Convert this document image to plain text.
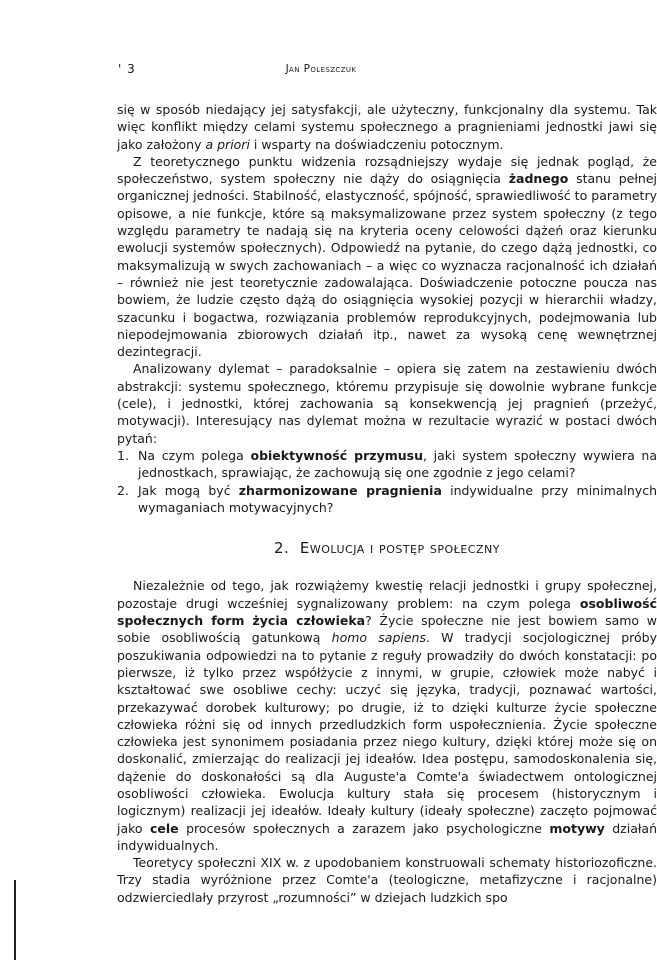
' 3	Jan Poleszczuk

się w sposób niedający jej satysfakcji, ale użyteczny, funkcjonalny dla systemu. Tak więc konflikt między celami systemu społecznego a pragnieniami jednostki jawi się jako założony a priori i wsparty na doświadczeniu potocznym.

Z teoretycznego punktu widzenia rozsądniejszy wydaje się jednak pogląd, że społeczeństwo, system społeczny nie dąży do osiągnięcia żadnego stanu pełnej organicznej jedności. Stabilność, elastyczność, spójność, sprawiedliwość to parametry opisowe, a nie funkcje, które są maksymalizowane przez system społeczny (z tego względu parametry te nadają się na kryteria oceny celowości dążeń oraz kierunku ewolucji systemów społecznych). Odpowiedź na pytanie, do czego dążą jednostki, co maksymalizują w swych zachowaniach – a więc co wyznacza racjonalność ich działań – również nie jest teoretycznie zadowalająca. Doświadczenie potoczne poucza nas bowiem, że ludzie często dążą do osiągnięcia wysokiej pozycji w hierarchii władzy, szacunku i bogactwa, rozwiązania problemów reprodukcyjnych, podejmowania lub niepodejmowania zbiorowych działań itp., nawet za wysoką cenę wewnętrznej dezintegracji.

Analizowany dylemat – paradoksalnie – opiera się zatem na zestawieniu dwóch abstrakcji: systemu społecznego, któremu przypisuje się dowolnie wybrane funkcje (cele), i jednostki, której zachowania są konsekwencją jej pragnień (przeżyć, motywacji). Interesujący nas dylemat można w rezultacie wyrazić w postaci dwóch pytań:

1. Na czym polega obiektywność przymusu, jaki system społeczny wywiera na jednostkach, sprawiając, że zachowują się one zgodnie z jego celami?
2. Jak mogą być zharmonizowane pragnienia indywidualne przy minimalnych wymaganiach motywacyjnych?
2. Ewolucja i postęp społeczny

Niezależnie od tego, jak rozwiążemy kwestię relacji jednostki i grupy społecznej, pozostaje drugi wcześniej sygnalizowany problem: na czym polega osobliwość społecznych form życia człowieka? Życie społeczne nie jest bowiem samo w sobie osobliwością gatunkową homo sapiens. W tradycji socjologicznej próby poszukiwania odpowiedzi na to pytanie z reguły prowadziły do dwóch konstatacji: po pierwsze, iż tylko przez współżycie z innymi, w grupie, człowiek może nabyć i kształtować swe osobliwe cechy: uczyć się języka, tradycji, poznawać wartości, przekazywać dorobek kulturowy; po drugie, iż to dzięki kulturze życie społeczne człowieka różni się od innych przedludzkich form uspołecznienia. Życie społeczne człowieka jest synonimem posiadania przez niego kultury, dzięki której może się on doskonalić, zmierzając do realizacji jej ideałów. Idea postępu, samodoskonalenia się, dążenie do doskonałości są dla Auguste'a Comte'a świadectwem ontologicznej osobliwości człowieka. Ewolucja kultury stała się procesem (historycznym i logicznym) realizacji jej ideałów. Ideały kultury (ideały społeczne) zaczęto pojmować jako cele procesów społecznych a zarazem jako psychologiczne motywy działań indywidualnych.

Teoretycy społeczni XIX w. z upodobaniem konstruowali schematy historiozoficzne. Trzy stadia wyróżnione przez Comte'a (teologiczne, metafizyczne i racjonalne) odzwierciedlały przyrost „rozumności” w dziejach ludzkich spo
